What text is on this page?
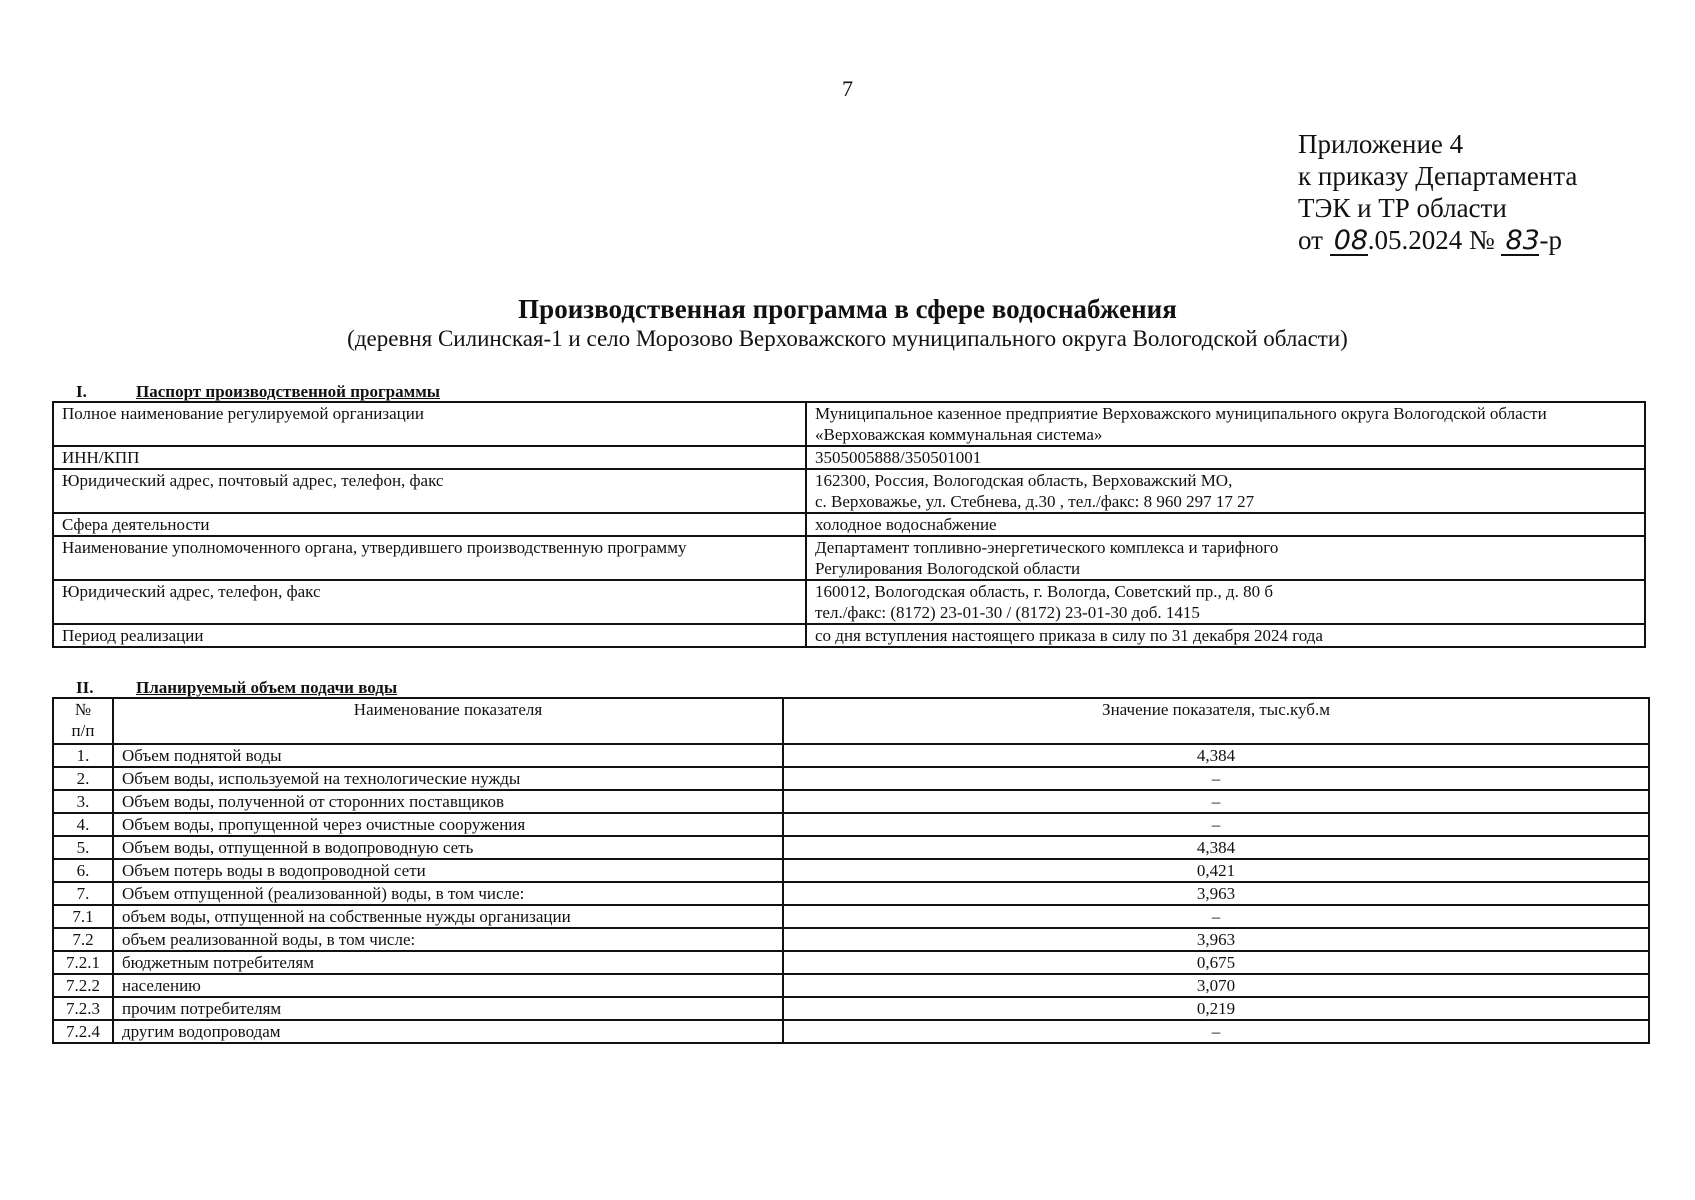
7
Приложение 4
к приказу Департамента
ТЭК и ТР области
от 08.05.2024 № 83-р
Производственная программа в сфере водоснабжения
(деревня Силинская-1 и село Морозово Верховажского муниципального округа Вологодской области)
I.	Паспорт производственной программы
Полное наименование регулируемой организации	Муниципальное казенное предприятие Верховажского муниципального округа Вологодской области «Верховажская коммунальная система»
ИНН/КПП	3505005888/350501001
Юридический адрес, почтовый адрес, телефон, факс	162300, Россия, Вологодская область, Верховажский МО,
с. Верховажье, ул. Стебнева, д.30 , тел./факс: 8 960 297 17 27

Сфера деятельности	холодное водоснабжение
Наименование уполномоченного органа, утвердившего производственную программу	Департамент топливно-энергетического комплекса и тарифного
Регулирования Вологодской области

Юридический адрес, телефон, факс	160012, Вологодская область, г. Вологда, Советский пр., д. 80 б
тел./факс: (8172) 23-01-30 / (8172) 23-01-30 доб. 1415

Период реализации	со дня вступления настоящего приказа в силу по 31 декабря 2024 года
II.	Планируемый объем подачи воды
№
п/п	Наименование показателя	Значение показателя, тыс.куб.м
1.	Объем поднятой воды	4,384
2.	Объем воды, используемой на технологические нужды	–
3.	Объем воды, полученной от сторонних поставщиков	–
4.	Объем воды, пропущенной через очистные сооружения	–
5.	Объем воды, отпущенной в водопроводную сеть	4,384
6.	Объем потерь воды в водопроводной сети	0,421
7.	Объем отпущенной (реализованной) воды, в том числе:	3,963
7.1	объем воды, отпущенной на собственные нужды организации	–
7.2	объем реализованной воды, в том числе:	3,963
7.2.1	бюджетным потребителям	0,675
7.2.2	населению	3,070
7.2.3	прочим потребителям	0,219
7.2.4	другим водопроводам	–
